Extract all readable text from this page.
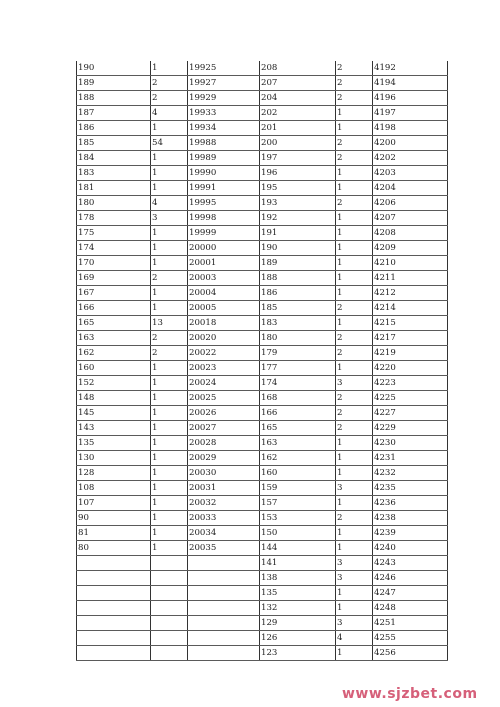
190	1	19925	208	2	4192
189	2	19927	207	2	4194
188	2	19929	204	2	4196
187	4	19933	202	1	4197
186	1	19934	201	1	4198
185	54	19988	200	2	4200
184	1	19989	197	2	4202
183	1	19990	196	1	4203
181	1	19991	195	1	4204
180	4	19995	193	2	4206
178	3	19998	192	1	4207
175	1	19999	191	1	4208
174	1	20000	190	1	4209
170	1	20001	189	1	4210
169	2	20003	188	1	4211
167	1	20004	186	1	4212
166	1	20005	185	2	4214
165	13	20018	183	1	4215
163	2	20020	180	2	4217
162	2	20022	179	2	4219
160	1	20023	177	1	4220
152	1	20024	174	3	4223
148	1	20025	168	2	4225
145	1	20026	166	2	4227
143	1	20027	165	2	4229
135	1	20028	163	1	4230
130	1	20029	162	1	4231
128	1	20030	160	1	4232
108	1	20031	159	3	4235
107	1	20032	157	1	4236
90	1	20033	153	2	4238
81	1	20034	150	1	4239
80	1	20035	144	1	4240
			141	3	4243
			138	3	4246
			135	1	4247
			132	1	4248
			129	3	4251
			126	4	4255
			123	1	4256
www.sjzbet.com
